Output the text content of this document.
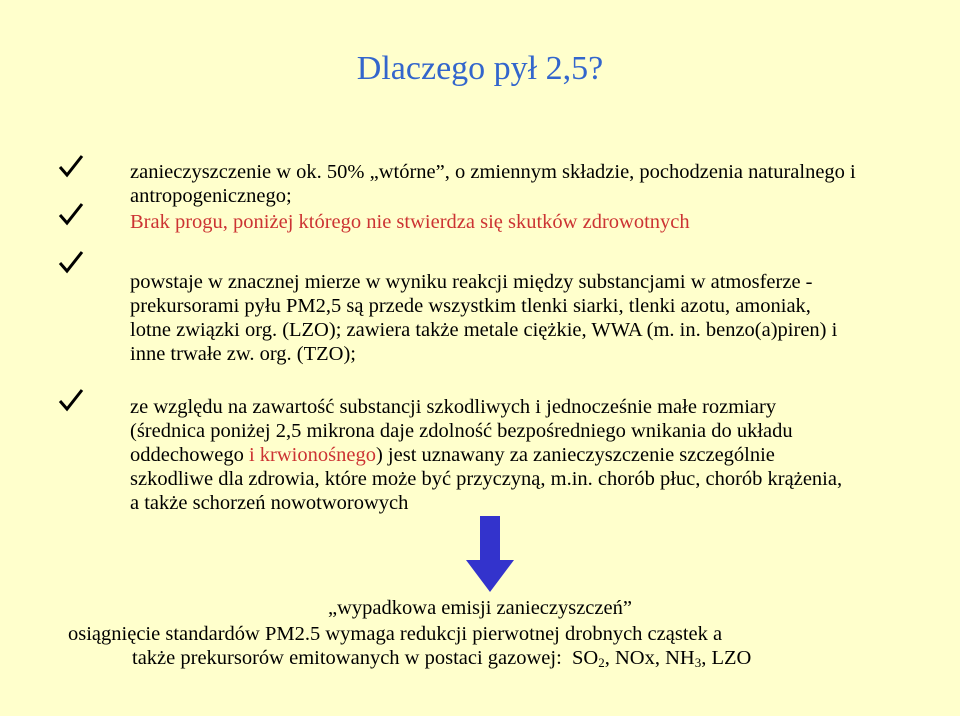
Dlaczego pył 2,5?
zanieczyszczenie w ok. 50% „wtórne”, o zmiennym składzie, pochodzenia naturalnego i antropogenicznego;
Brak progu, poniżej którego nie stwierdza się skutków zdrowotnych
powstaje w znacznej mierze w wyniku reakcji między substancjami w atmosferze - prekursorami pyłu PM2,5 są przede wszystkim tlenki siarki, tlenki azotu, amoniak, lotne związki org. (LZO); zawiera także metale ciężkie, WWA (m. in. benzo(a)piren) i inne trwałe zw. org. (TZO);
ze względu na zawartość substancji szkodliwych i jednocześnie małe rozmiary (średnica poniżej 2,5 mikrona daje zdolność bezpośredniego wnikania do układu oddechowego i krwionośnego) jest uznawany za zanieczyszczenie szczególnie szkodliwe dla zdrowia, które może być przyczyną, m.in. chorób płuc, chorób krążenia, a także schorzeń nowotworowych
„wypadkowa emisji zanieczyszczeń”
osiągnięcie standardów PM2.5 wymaga redukcji pierwotnej drobnych cząstek a
także prekursorów emitowanych w postaci gazowej:  $SO_2$, NOx, $NH_3$, LZO
